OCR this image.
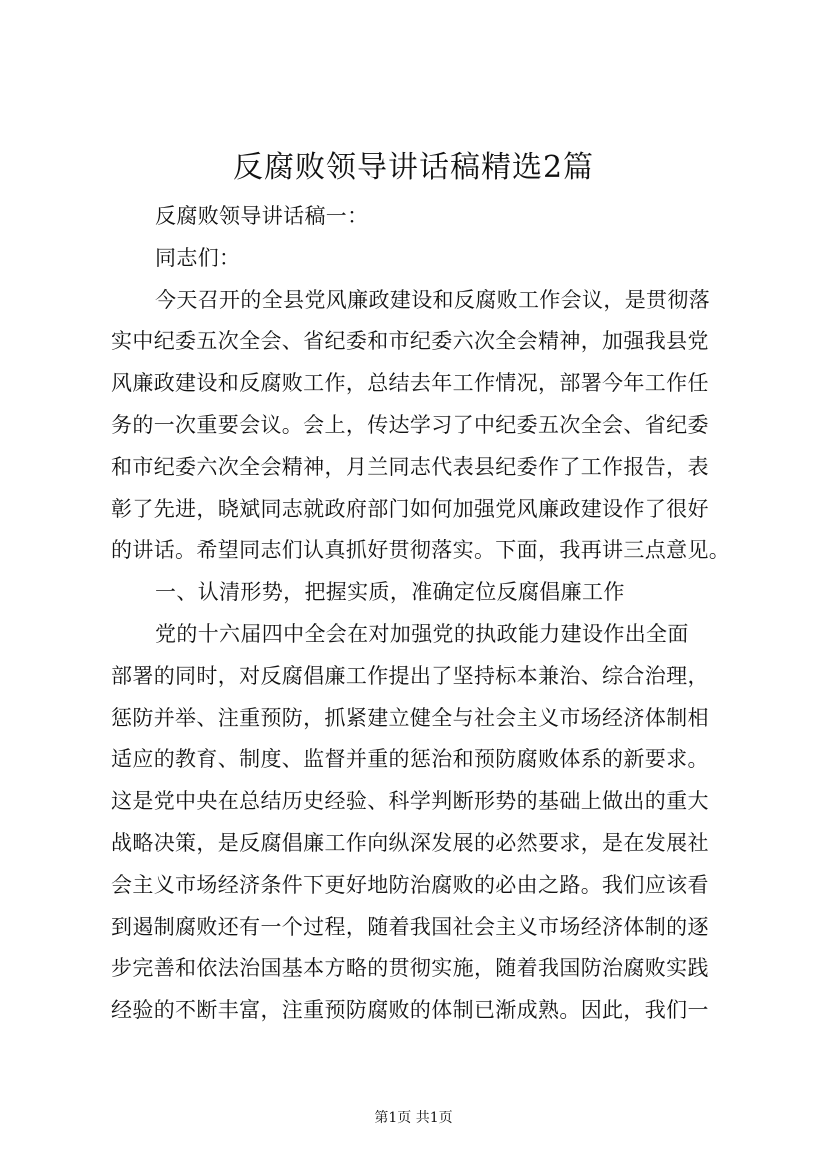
反腐败领导讲话稿精选2篇
反腐败领导讲话稿一：
同志们：
今天召开的全县党风廉政建设和反腐败工作会议，是贯彻落
实中纪委五次全会、省纪委和市纪委六次全会精神，加强我县党
风廉政建设和反腐败工作，总结去年工作情况，部署今年工作任
务的一次重要会议。会上，传达学习了中纪委五次全会、省纪委
和市纪委六次全会精神，月兰同志代表县纪委作了工作报告，表
彰了先进，晓斌同志就政府部门如何加强党风廉政建设作了很好
的讲话。希望同志们认真抓好贯彻落实。下面，我再讲三点意见。
一、认清形势，把握实质，准确定位反腐倡廉工作
党的十六届四中全会在对加强党的执政能力建设作出全面
部署的同时，对反腐倡廉工作提出了坚持标本兼治、综合治理，
惩防并举、注重预防，抓紧建立健全与社会主义市场经济体制相
适应的教育、制度、监督并重的惩治和预防腐败体系的新要求。
这是党中央在总结历史经验、科学判断形势的基础上做出的重大
战略决策，是反腐倡廉工作向纵深发展的必然要求，是在发展社
会主义市场经济条件下更好地防治腐败的必由之路。我们应该看
到遏制腐败还有一个过程，随着我国社会主义市场经济体制的逐
步完善和依法治国基本方略的贯彻实施，随着我国防治腐败实践
经验的不断丰富，注重预防腐败的体制已渐成熟。因此，我们一
第1页 共1页
